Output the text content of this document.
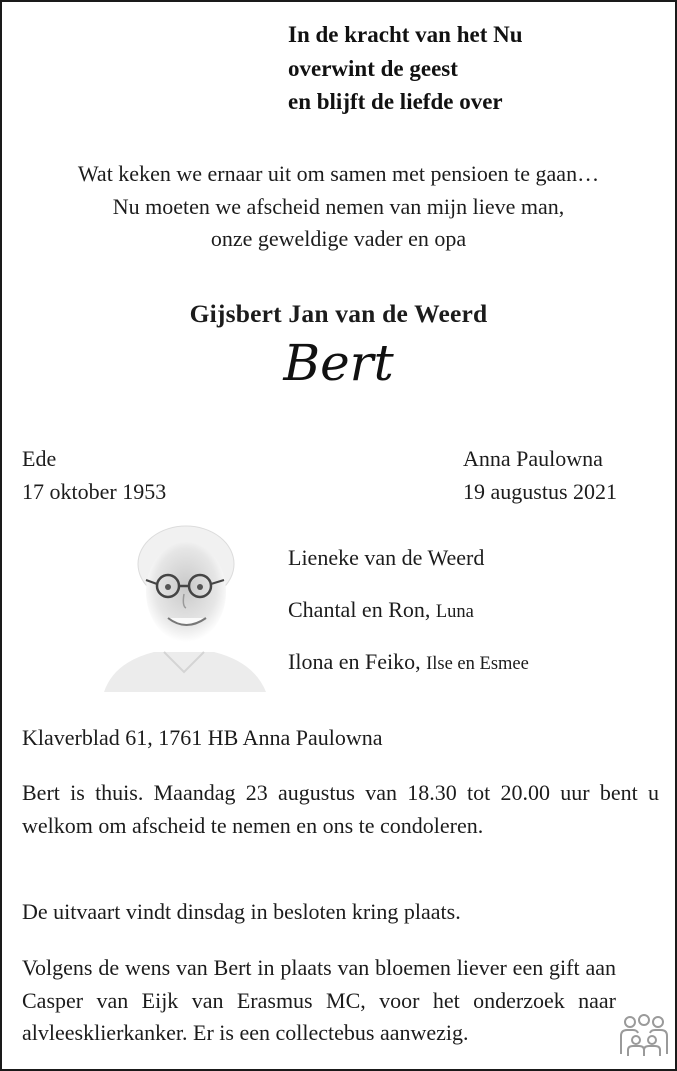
In de kracht van het Nu
overwint de geest
en blijft de liefde over
Wat keken we ernaar uit om samen met pensioen te gaan…
Nu moeten we afscheid nemen van mijn lieve man,
onze geweldige vader en opa
Gijsbert Jan van de Weerd
Bert
Ede
17 oktober 1953
Anna Paulowna
19 augustus 2021
Lieneke van de Weerd
Chantal en Ron, Luna
Ilona en Feiko, Ilse en Esmee
Klaverblad 61, 1761 HB Anna Paulowna
Bert is thuis. Maandag 23 augustus van 18.30 tot 20.00 uur bent u welkom om afscheid te nemen en ons te condoleren.
De uitvaart vindt dinsdag in besloten kring plaats.
Volgens de wens van Bert in plaats van bloemen liever een gift aan Casper van Eijk van Erasmus MC, voor het onderzoek naar alvleesklierkanker. Er is een collectebus aanwezig.
